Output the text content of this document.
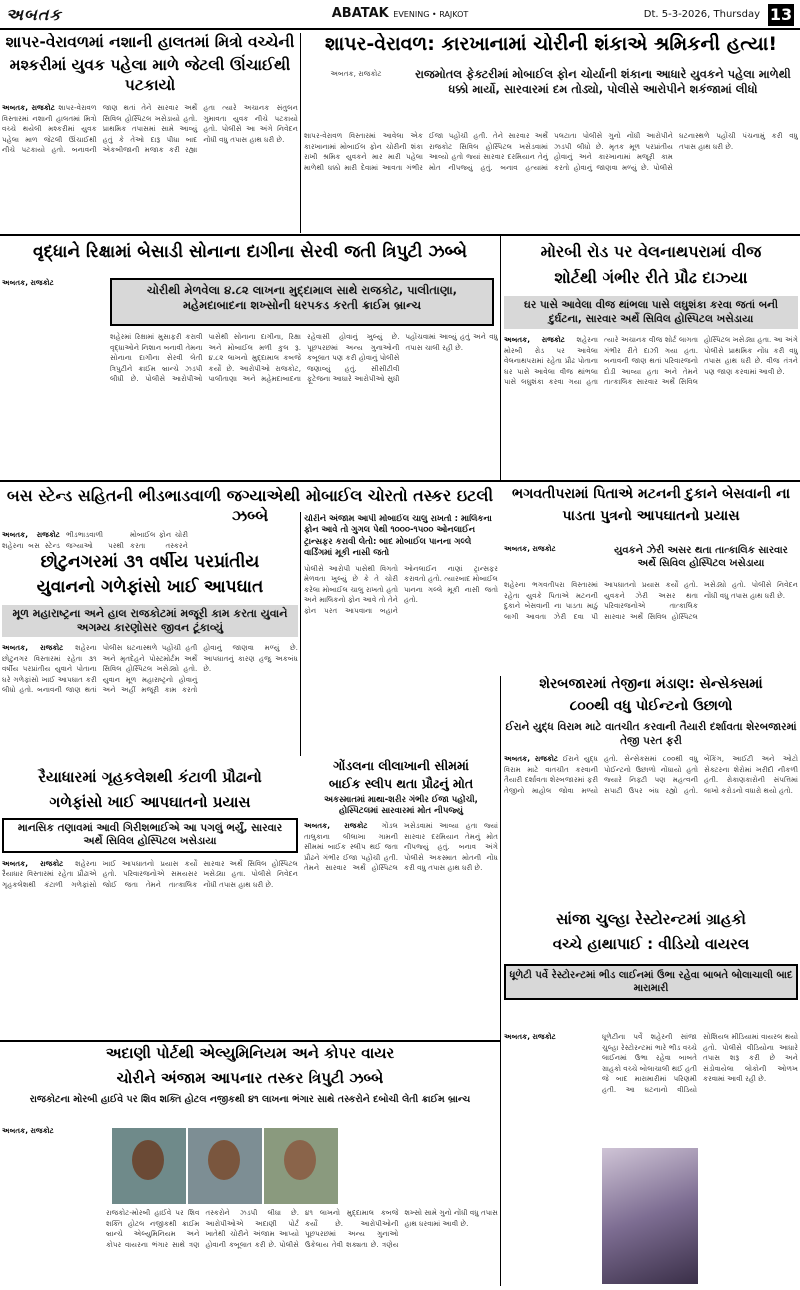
અબતક	ABATAK EVENING • RAJKOT	Dt. 5-3-2026, Thursday 13
શાપર-વેરાવળમાં નશાની હાલતમાં મિત્રો વચ્ચેની
મશ્કરીમાં યુવક પહેલા માળે જેટલી ઊંચાઈથી પટકાયો
અબતક, રાજકોટ શાપર-વેરાવળ વિસ્તારમાં નશાની હાલતમાં મિત્રો વચ્ચે થયેલી મશ્કરીમાં યુવક પહેલા માળ જેટલી ઊંચાઈથી નીચે પટકાયો હતો. બનાવની જાણ થતાં તેને સારવાર અર્થે સિવિલ હોસ્પિટલ ખસેડાયો હતો. પ્રાથમિક તપાસમાં સામે આવ્યું હતું કે તેઓ દારૂ પીધા બાદ એકબીજાની મજાક કરી રહ્યા હતા ત્યારે અચાનક સંતુલન ગુમાવતા યુવક નીચે પટકાયો હતો. પોલીસે આ અંગે નિવેદન નોંધી વધુ તપાસ હાથ ધરી છે.
શાપર-વેરાવળ: કારખાનામાં ચોરીની શંકાએ શ્રમિકની હત્યા!
અબતક, રાજકોટ	રાજમોતલ ફેક્ટરીમાં મોબાઈલ ફોન ચોર્યાની શંકાના આધારે યુવકને પહેલા માળેથી ધક્કો માર્યો, સારવારમાં દમ તોડ્યો, પોલીસે આરોપીને શકંજામાં લીધો
શાપર-વેરાવળ વિસ્તારમાં આવેલા એક કારખાનામાં મોબાઈલ ફોન ચોરીની શંકા રાખી શ્રમિક યુવકને માર મારી પહેલા માળેથી ધક્કો મારી દેવામાં આવતા ગંભીર ઈજા પહોંચી હતી. તેને સારવાર અર્થે રાજકોટ સિવિલ હોસ્પિટલ ખસેડવામાં આવ્યો હતો જ્યાં સારવાર દરમિયાન તેનું મોત નીપજ્યું હતું. બનાવ હત્યામાં પલટાતા પોલીસે ગુનો નોંધી આરોપીને ઝડપી લીધો છે. મૃતક મૂળ પરપ્રાંતીય હોવાનું અને કારખાનામાં મજૂરી કામ કરતો હોવાનું જાણવા મળ્યું છે. પોલીસે ઘટનાસ્થળે પહોંચી પંચનામું કરી વધુ તપાસ હાથ ધરી છે.
વૃદ્ધાને રિક્ષામાં બેસાડી સોનાના દાગીના સેરવી જતી ત્રિપુટી ઝબ્બે
ચોરીથી મેળવેલા ૪.૮૨ લાખના મુદ્દામાલ સાથે રાજકોટ, પાલીતાણા, મહેમદાબાદના શખ્સોની ધરપકડ કરતી ક્રાઈમ બ્રાન્ચ
અબતક, રાજકોટ
શહેરમાં રિક્ષામાં મુસાફરી કરાવી વૃદ્ધાઓને નિશાન બનાવી તેમના સોનાના દાગીના સેરવી લેતી ત્રિપુટીને ક્રાઈમ બ્રાન્ચે ઝડપી લીધી છે. પોલીસે આરોપીઓ પાસેથી સોનાના દાગીના, રિક્ષા અને મોબાઈલ મળી કુલ રૂ. ૪.૮૨ લાખનો મુદ્દામાલ કબજે કર્યો છે. આરોપીઓ રાજકોટ, પાલીતાણા અને મહેમદાબાદના રહેવાસી હોવાનું ખુલ્યું છે. પૂછપરછમાં અન્ય ગુનાઓની કબૂલાત પણ કરી હોવાનું પોલીસે જણાવ્યું હતું. સીસીટીવી ફૂટેજના આધારે આરોપીઓ સુધી પહોંચવામાં આવ્યું હતું અને વધુ તપાસ ચાલી રહી છે.
મોરબી રોડ પર વેલનાથપરામાં વીજ
શોર્ટથી ગંભીર રીતે પ્રૌઢ દાઝ્યા
ઘર પાસે આવેલા વીજ થાંભલા પાસે લઘુશંકા કરવા જતાં બની દુર્ઘટના, સારવાર અર્થે સિવિલ હોસ્પિટલ ખસેડાયા
અબતક, રાજકોટ શહેરના મોરબી રોડ પર આવેલા વેલનાથપરામાં રહેતા પ્રૌઢ પોતાના ઘર પાસે આવેલા વીજ થાંભલા પાસે લઘુશંકા કરવા ગયા હતા ત્યારે અચાનક વીજ શોર્ટ લાગતા ગંભીર રીતે દાઝી ગયા હતા. બનાવની જાણ થતાં પરિવારજનો દોડી આવ્યા હતા અને તેમને તાત્કાલિક સારવાર અર્થે સિવિલ હોસ્પિટલ ખસેડ્યા હતા. આ અંગે પોલીસે પ્રાથમિક નોંધ કરી વધુ તપાસ હાથ ધરી છે. વીજ તંત્રને પણ જાણ કરવામાં આવી છે.
બસ સ્ટેન્ડ સહિતની ભીડભાડવાળી જગ્યાએથી મોબાઈલ ચોરતો તસ્કર ઇટલી ઝબ્બે
અબતક, રાજકોટ શહેરના બસ સ્ટેન્ડ ભીડભાડવાળી જગ્યાઓ પરથી મોબાઈલ ફોન ચોરી કરતા તસ્કરને
ચોરીને અંજામ આપી મોબાઈલ ચાલુ રાખતો : માલિકના ફોન આવે તો ગુગલ પેથી ૧૦૦૦-૧૫૦૦ ઓનલાઈન ટ્રાન્સફર કરાવી લેતો: બાદ મોબાઈલ પાનના ગલ્લે વાર્ડિંગમાં મૂકી નાસી જતો
પોલીસે આરોપી પાસેથી વિગતો મેળવતા ખુલ્યું છે કે તે ચોરી કરેલા મોબાઈલ ચાલુ રાખતો હતો અને માલિકનો ફોન આવે તો તેને ફોન પરત આપવાના બહાને ઓનલાઈન નાણાં ટ્રાન્સફર કરાવતો હતો. ત્યારબાદ મોબાઈલ પાનના ગલ્લે મૂકી નાસી જતો હતો.
છોટુનગરમાં ૩૧ વર્ષીય પરપ્રાંતીય
યુવાનનો ગળેફાંસો ખાઈ આપઘાત
મૂળ મહારાષ્ટ્રના અને હાલ રાજકોટમાં મજૂરી કામ કરતા યુવાને અગમ્ય કારણોસર જીવન ટૂંકાવ્યું
અબતક, રાજકોટ શહેરના છોટુનગર વિસ્તારમાં રહેતા ૩૧ વર્ષીય પરપ્રાંતીય યુવાને પોતાના ઘરે ગળેફાંસો ખાઈ આપઘાત કરી લીધો હતો. બનાવની જાણ થતાં પોલીસ ઘટનાસ્થળે પહોંચી હતી અને મૃતદેહને પોસ્ટમોર્ટમ અર્થે સિવિલ હોસ્પિટલ ખસેડ્યો હતો. યુવાન મૂળ મહારાષ્ટ્રનો હોવાનું અને અહીં મજૂરી કામ કરતો હોવાનું જાણવા મળ્યું છે. આપઘાતનું કારણ હજુ અકબંધ છે.
ભગવતીપરામાં પિતાએ મટનની દુકાને બેસવાની ના પાડતા પુત્રનો આપઘાતનો પ્રયાસ
અબતક, રાજકોટ	યુવકને ઝેરી અસર થતા તાત્કાલિક સારવાર અર્થે સિવિલ હોસ્પિટલ ખસેડાયા
શહેરના ભગવતીપરા વિસ્તારમાં રહેતા યુવકે પિતાએ મટનની દુકાને બેસવાની ના પાડતા માઠું લાગી આવતા ઝેરી દવા પી આપઘાતનો પ્રયાસ કર્યો હતો. યુવકને ઝેરી અસર થતા પરિવારજનોએ તાત્કાલિક સારવાર અર્થે સિવિલ હોસ્પિટલ ખસેડ્યો હતો. પોલીસે નિવેદન નોંધી વધુ તપાસ હાથ ધરી છે.
શેરબજારમાં તેજીના મંડાણ: સેન્સેક્સમાં
૮૦૦થી વધુ પોઈન્ટનો ઉછાળો
ઈરાને યુદ્ધ વિરામ માટે વાતચીત કરવાની તૈયારી દર્શાવતા શેરબજારમાં તેજી પરત ફરી
અબતક, રાજકોટ ઈરાને યુદ્ધ વિરામ માટે વાતચીત કરવાની તૈયારી દર્શાવતા શેરબજારમાં ફરી તેજીનો માહોલ જોવા મળ્યો હતો. સેન્સેક્સમાં ૮૦૦થી વધુ પોઈન્ટનો ઉછાળો નોંધાયો હતો જ્યારે નિફ્ટી પણ મહત્વની સપાટી ઉપર બંધ રહ્યો હતો. બેંકિંગ, આઈટી અને ઓટો સેક્ટરના શેરોમાં ખરીદી નીકળી હતી. રોકાણકારોની સંપત્તિમાં લાખો કરોડનો વધારો થયો હતો.
ગોંડલના લીલાખાની સીમમાં
બાઈક સ્લીપ થતા પ્રૌઢનું મોત
અકસ્માતમાં માથા-શરીર ગંભીર ઈજા પહોંચી, હોસ્પિટલમાં સારવારમાં મોત નીપજ્યું
અબતક, રાજકોટ ગોંડલ તાલુકાના લીલાખા ગામની સીમમાં બાઈક સ્લીપ થઈ જતા પ્રૌઢને ગંભીર ઈજા પહોંચી હતી. તેમને સારવાર અર્થે હોસ્પિટલ ખસેડવામાં આવ્યા હતા જ્યાં સારવાર દરમિયાન તેમનું મોત નીપજ્યું હતું. બનાવ અંગે પોલીસે અકસ્માત મોતની નોંધ કરી વધુ તપાસ હાથ ધરી છે.
રૈયાધારમાં ગૃહકલેશથી કંટાળી પ્રૌઢાનો
ગળેફાંસો ખાઈ આપઘાતનો પ્રયાસ
માનસિક તણાવમાં આવી ગિરીશભાઈએ આ પગલું ભર્યું, સારવાર અર્થે સિવિલ હોસ્પિટલ ખસેડાયા
અબતક, રાજકોટ શહેરના રૈયાધાર વિસ્તારમાં રહેતા પ્રૌઢાએ ગૃહકલેશથી કંટાળી ગળેફાંસો ખાઈ આપઘાતનો પ્રયાસ કર્યો હતો. પરિવારજનોએ સમયસર જોઈ જતા તેમને તાત્કાલિક સારવાર અર્થે સિવિલ હોસ્પિટલ ખસેડ્યા હતા. પોલીસે નિવેદન નોંધી તપાસ હાથ ધરી છે.
સાંજા ચુલ્હા રેસ્ટોરન્ટમાં ગ્રાહકો
વચ્ચે હાથાપાઈ : વીડિયો વાયરલ
ધૂળેટી પર્વે રેસ્ટોરન્ટમાં ભીડ લાઈનમાં ઉભા રહેવા બાબતે બોલાચાલી બાદ મારામારી
અબતક, રાજકોટ	ધૂળેટીના પર્વે શહેરની સાંજા ચુલ્હા રેસ્ટોરન્ટમાં ભારે ભીડ વચ્ચે લાઈનમાં ઉભા રહેવા બાબતે ગ્રાહકો વચ્ચે બોલાચાલી થઈ હતી જે બાદ મારામારીમાં પરિણમી હતી. આ ઘટનાનો વીડિયો સોશિયલ મીડિયામાં વાયરલ થયો હતો. પોલીસે વીડિયોના આધારે તપાસ શરૂ કરી છે અને સંડોવાયેલા લોકોની ઓળખ કરવામાં આવી રહી છે.
અદાણી પોર્ટથી એલ્યુમિનિયમ અને કોપર વાયર
ચોરીને અંજામ આપનાર તસ્કર ત્રિપુટી ઝબ્બે
રાજકોટના મોરબી હાઈવે પર શિવ શક્તિ હોટલ નજીકથી ૪૧ લાખના ભંગાર સાથે તસ્કરોને દબોચી લેતી ક્રાઈમ બ્રાન્ચ
અબતક, રાજકોટ
રાજકોટ-મોરબી હાઈવે પર શિવ શક્તિ હોટલ નજીકથી ક્રાઈમ બ્રાન્ચે એલ્યુમિનિયમ અને કોપર વાયરના ભંગાર સાથે ત્રણ તસ્કરોને ઝડપી લીધા છે. આરોપીઓએ અદાણી પોર્ટ ખાતેથી ચોરીને અંજામ આપ્યો હોવાની કબૂલાત કરી છે. પોલીસે ૪૧ લાખનો મુદ્દામાલ કબજે કર્યો છે. આરોપીઓની પૂછપરછમાં અન્ય ગુનાઓ ઉકેલાય તેવી શક્યતા છે. ત્રણેય શખ્સો સામે ગુનો નોંધી વધુ તપાસ હાથ ધરવામાં આવી છે.
